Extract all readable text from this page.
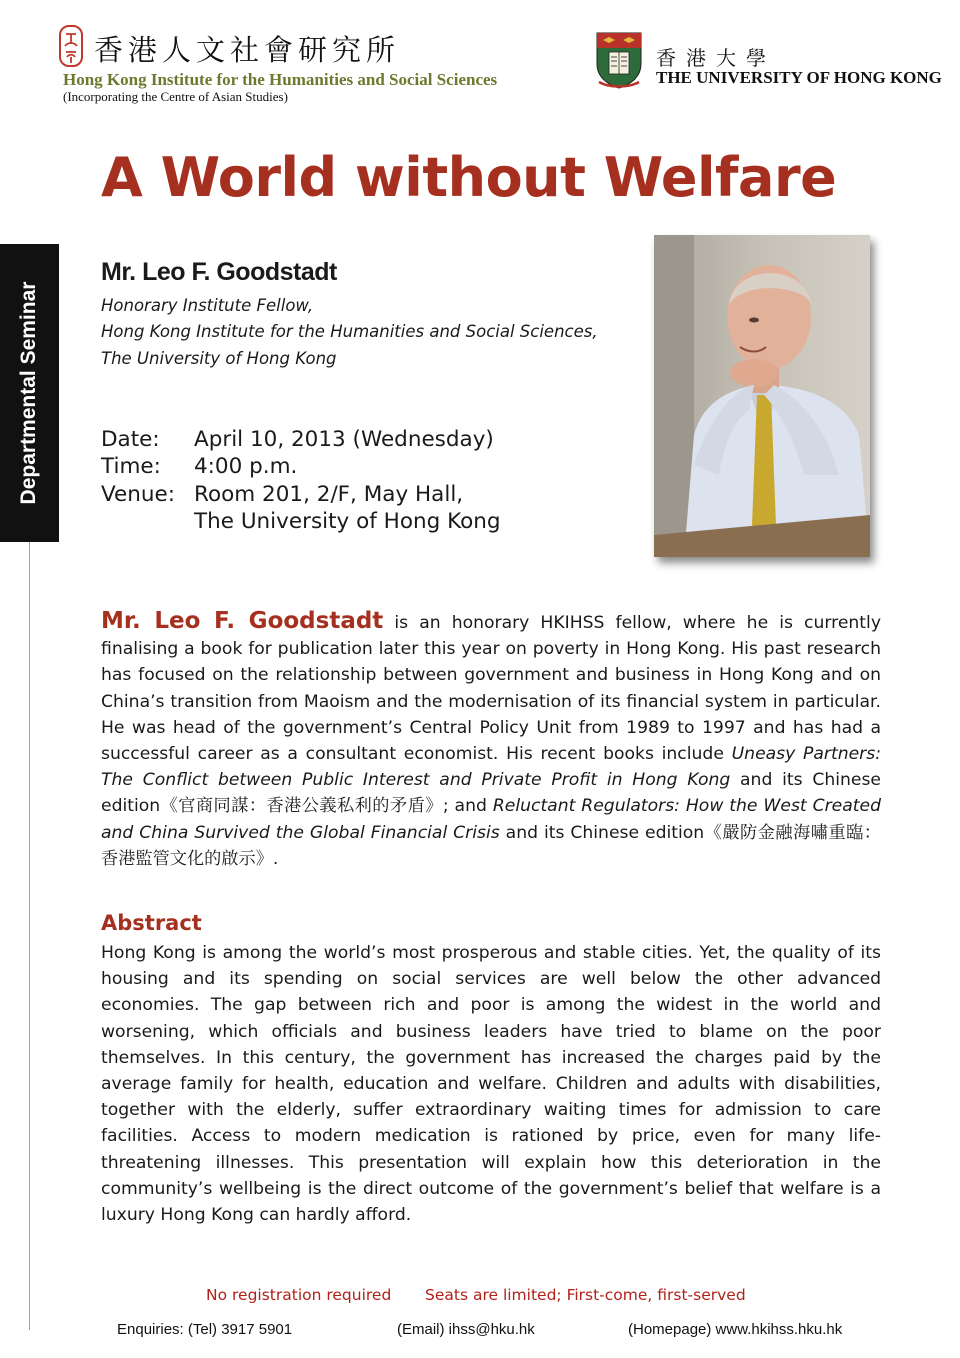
香港人文社會研究所
Hong Kong Institute for the Humanities and Social Sciences
(Incorporating the Centre of Asian Studies)
香港大學
THE UNIVERSITY OF HONG KONG
A World without Welfare
Departmental Seminar
Mr. Leo F. Goodstadt
Honorary Institute Fellow,
Hong Kong Institute for the Humanities and Social Sciences,
The University of Hong Kong
Date: April 10, 2013 (Wednesday)
Time: 4:00 p.m.
Venue: Room 201, 2/F, May Hall,
The University of Hong Kong
Mr. Leo F. Goodstadt is an honorary HKIHSS fellow, where he is currently finalising a book for publication later this year on poverty in Hong Kong. His past research has focused on the relationship between government and business in Hong Kong and on China’s transition from Maoism and the modernisation of its financial system in particular. He was head of the government’s Central Policy Unit from 1989 to 1997 and has had a successful career as a consultant economist. His recent books include Uneasy Partners: The Conflict between Public Interest and Private Profit in Hong Kong and its Chinese edition《官商同謀：香港公義私利的矛盾》; and Reluctant Regulators: How the West Created and China Survived the Global Financial Crisis and its Chinese edition《嚴防金融海嘯重臨：香港監管文化的啟示》.
Abstract
Hong Kong is among the world’s most prosperous and stable cities. Yet, the quality of its housing and its spending on social services are well below the other advanced economies. The gap between rich and poor is among the widest in the world and worsening, which officials and business leaders have tried to blame on the poor themselves. In this century, the government has increased the charges paid by the average family for health, education and welfare. Children and adults with disabilities, together with the elderly, suffer extraordinary waiting times for admission to care facilities. Access to modern medication is rationed by price, even for many life-threatening illnesses. This presentation will explain how this deterioration in the community’s wellbeing is the direct outcome of the government’s belief that welfare is a luxury Hong Kong can hardly afford.
No registration required Seats are limited; First-come, first-served
Enquiries: (Tel) 3917 5901	(Email) ihss@hku.hk	(Homepage) www.hkihss.hku.hk
